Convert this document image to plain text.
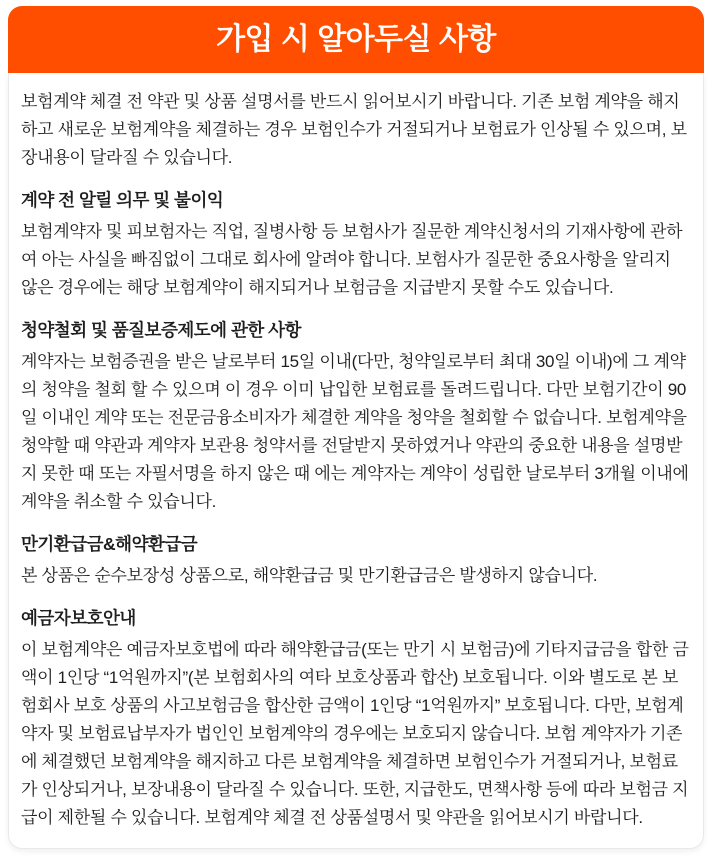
가입 시 알아두실 사항

보험계약 체결 전 약관 및 상품 설명서를 반드시 읽어보시기 바랍니다. 기존 보험 계약을 해지하고 새로운 보험계약을 체결하는 경우 보험인수가 거절되거나 보험료가 인상될 수 있으며, 보장내용이 달라질 수 있습니다.

계약 전 알릴 의무 및 불이익

보험계약자 및 피보험자는 직업, 질병사항 등 보험사가 질문한 계약신청서의 기재사항에 관하여 아는 사실을 빠짐없이 그대로 회사에 알려야 합니다. 보험사가 질문한 중요사항을 알리지 않은 경우에는 해당 보험계약이 해지되거나 보험금을 지급받지 못할 수도 있습니다.

청약철회 및 품질보증제도에 관한 사항

계약자는 보험증권을 받은 날로부터 15일 이내(다만, 청약일로부터 최대 30일 이내)에 그 계약의 청약을 철회 할 수 있으며 이 경우 이미 납입한 보험료를 돌려드립니다. 다만 보험기간이 90일 이내인 계약 또는 전문금융소비자가 체결한 계약을 청약을 철회할 수 없습니다. 보험계약을 청약할 때 약관과 계약자 보관용 청약서를 전달받지 못하였거나 약관의 중요한 내용을 설명받지 못한 때 또는 자필서명을 하지 않은 때 에는 계약자는 계약이 성립한 날로부터 3개월 이내에 계약을 취소할 수 있습니다.

만기환급금&해약환급금

본 상품은 순수보장성 상품으로, 해약환급금 및 만기환급금은 발생하지 않습니다.

예금자보호안내

이 보험계약은 예금자보호법에 따라 해약환급금(또는 만기 시 보험금)에 기타지급금을 합한 금액이 1인당 “1억원까지”(본 보험회사의 여타 보호상품과 합산) 보호됩니다. 이와 별도로 본 보험회사 보호 상품의 사고보험금을 합산한 금액이 1인당 “1억원까지” 보호됩니다. 다만, 보험계약자 및 보험료납부자가 법인인 보험계약의 경우에는 보호되지 않습니다. 보험 계약자가 기존에 체결했던 보험계약을 해지하고 다른 보험계약을 체결하면 보험인수가 거절되거나, 보험료가 인상되거나, 보장내용이 달라질 수 있습니다. 또한, 지급한도, 면책사항 등에 따라 보험금 지급이 제한될 수 있습니다. 보험계약 체결 전 상품설명서 및 약관을 읽어보시기 바랍니다.
